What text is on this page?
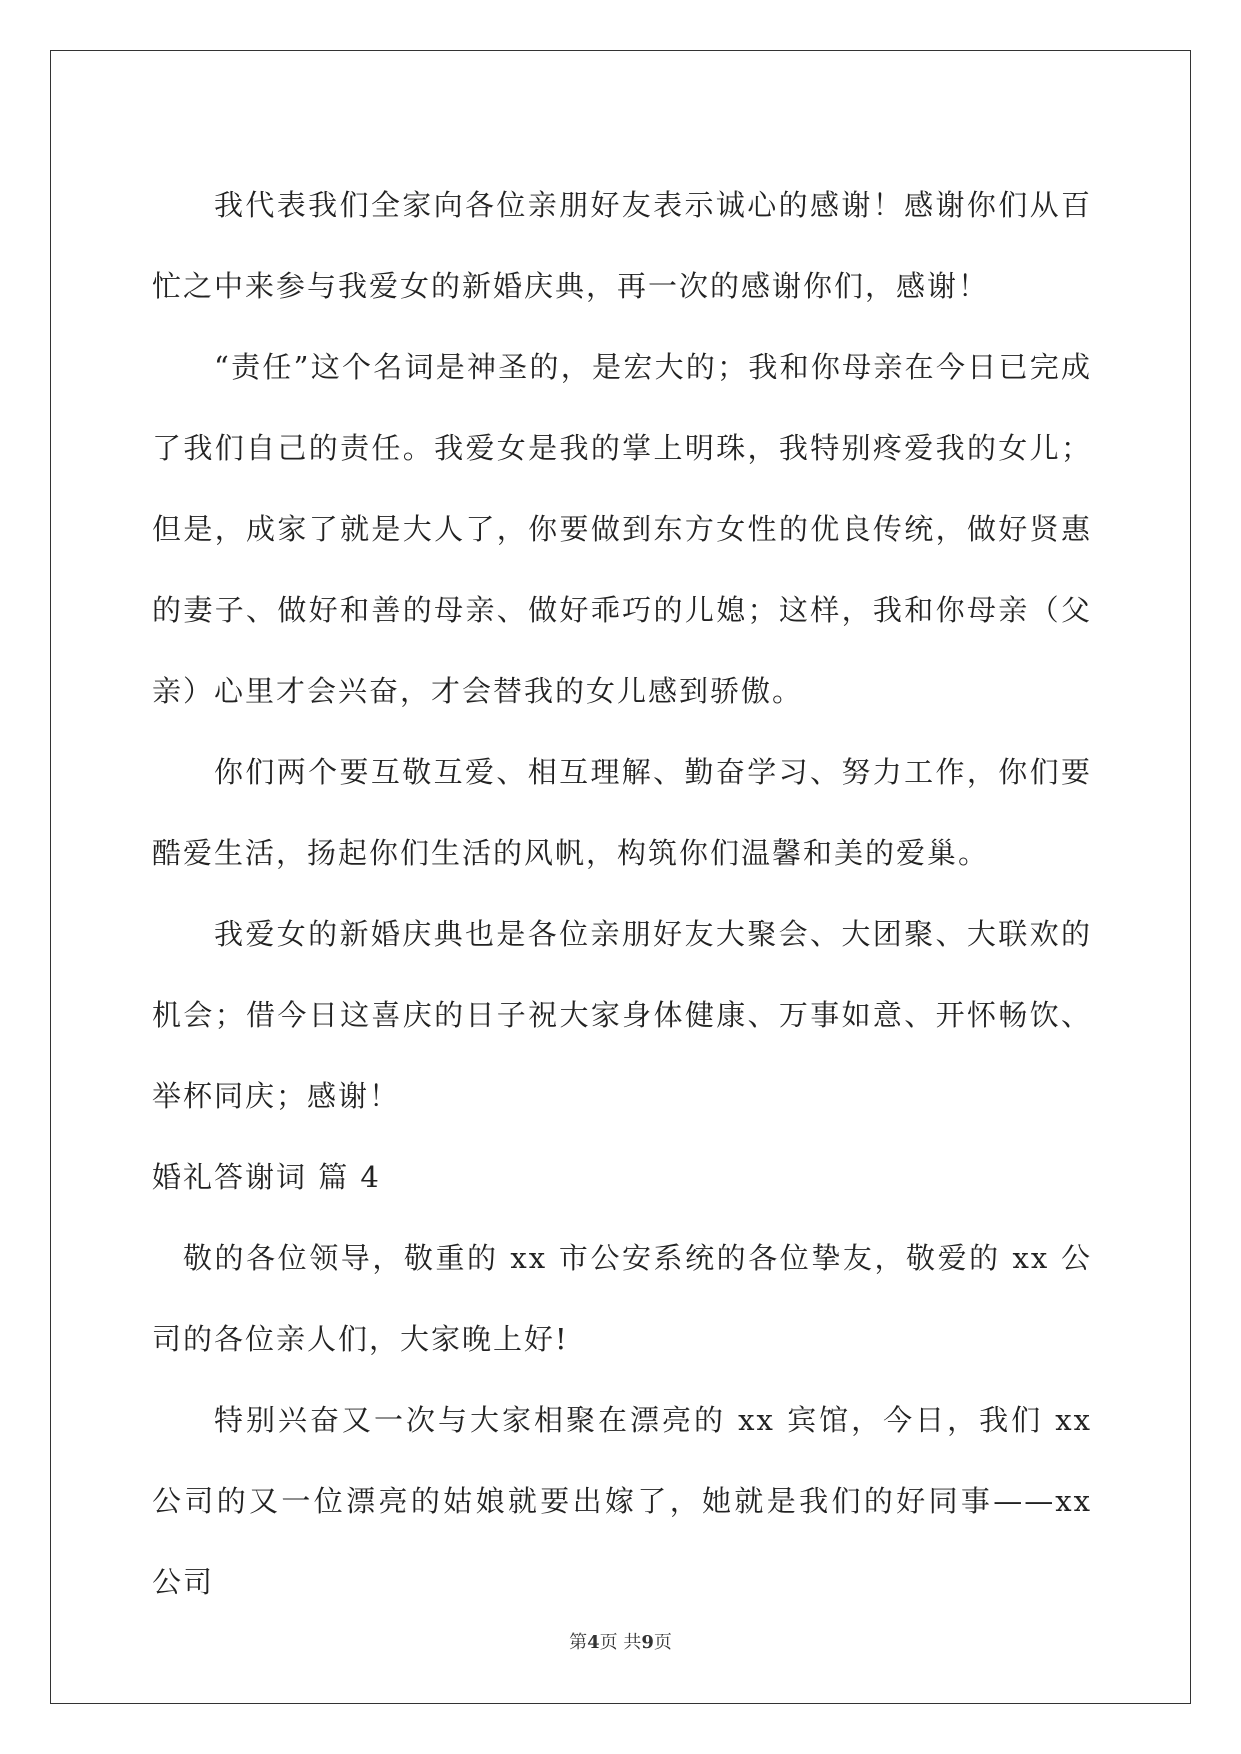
我代表我们全家向各位亲朋好友表示诚心的感谢！感谢你们从百忙之中来参与我爱女的新婚庆典，再一次的感谢你们，感谢！

“责任”这个名词是神圣的，是宏大的；我和你母亲在今日已完成了我们自己的责任。我爱女是我的掌上明珠，我特别疼爱我的女儿；但是，成家了就是大人了，你要做到东方女性的优良传统，做好贤惠的妻子、做好和善的母亲、做好乖巧的儿媳；这样，我和你母亲（父亲）心里才会兴奋，才会替我的女儿感到骄傲。

你们两个要互敬互爱、相互理解、勤奋学习、努力工作，你们要酷爱生活，扬起你们生活的风帆，构筑你们温馨和美的爱巢。

我爱女的新婚庆典也是各位亲朋好友大聚会、大团聚、大联欢的机会；借今日这喜庆的日子祝大家身体健康、万事如意、开怀畅饮、举杯同庆；感谢！

婚礼答谢词 篇 4

敬的各位领导，敬重的 xx 市公安系统的各位挚友，敬爱的 xx 公司的各位亲人们，大家晚上好!

特别兴奋又一次与大家相聚在漂亮的 xx 宾馆，今日，我们 xx 公司的又一位漂亮的姑娘就要出嫁了，她就是我们的好同事——xx 公司

第4页 共9页
